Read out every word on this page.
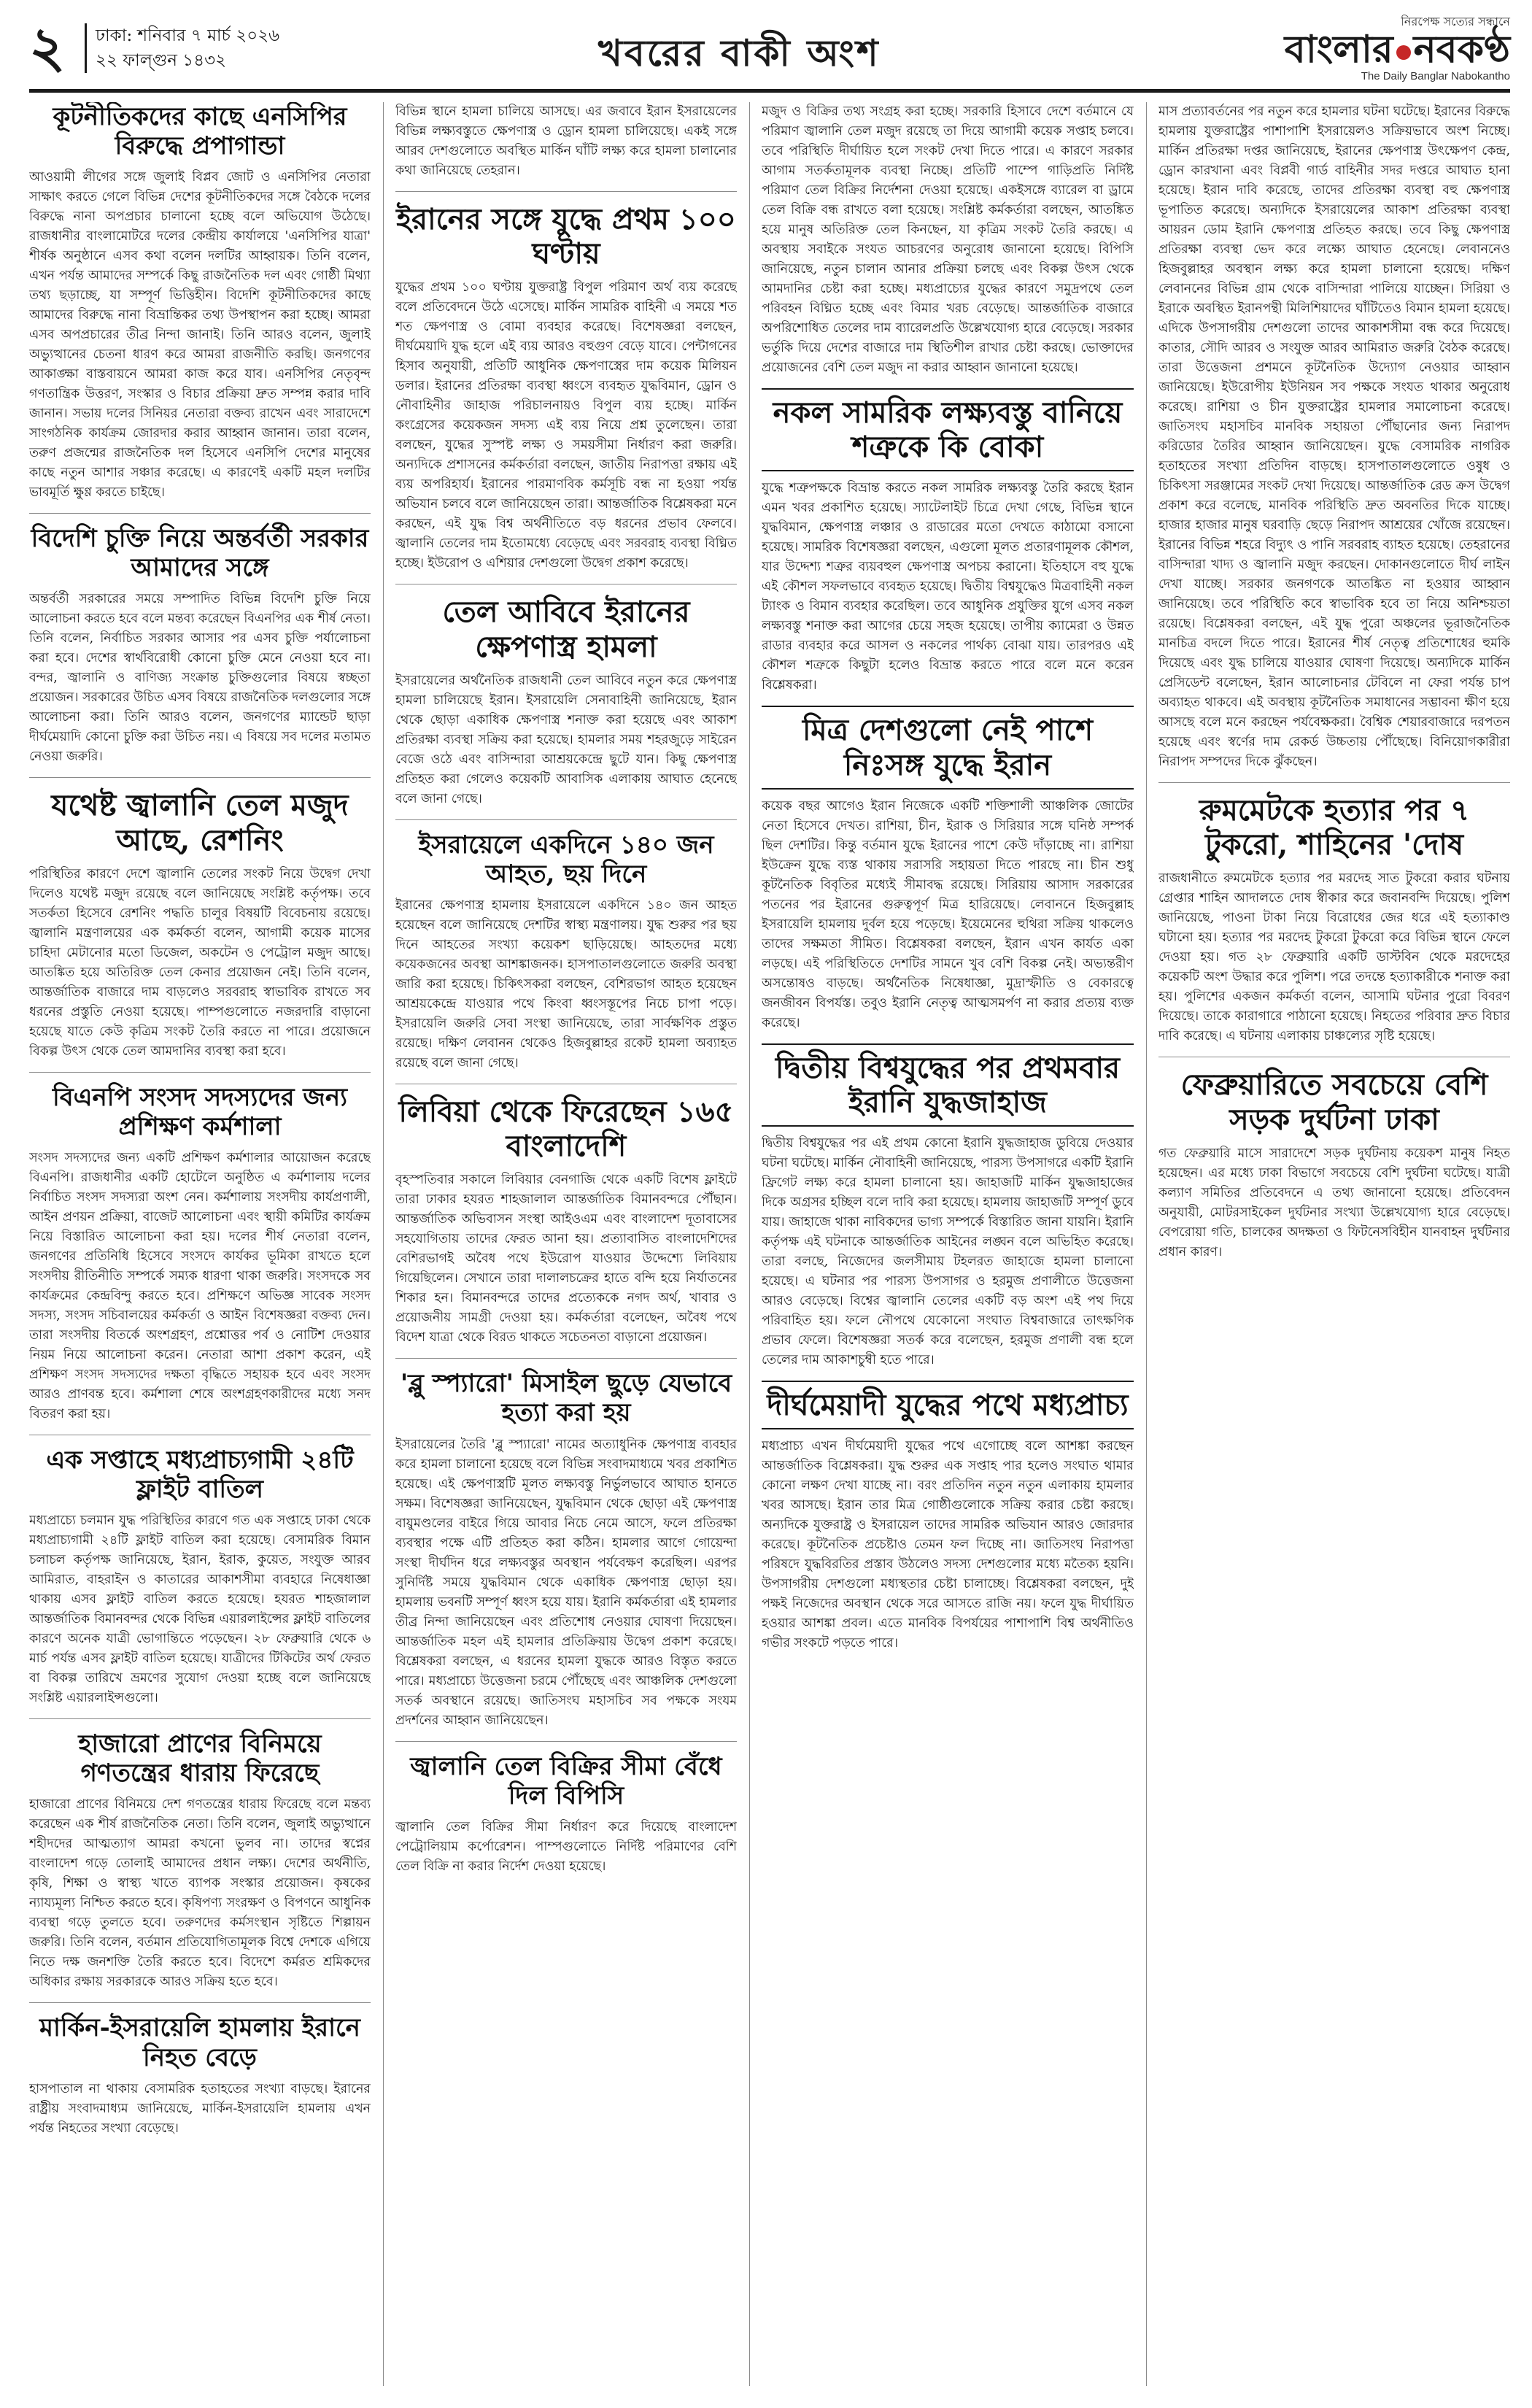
২ ঢাকা: শনিবার ৭ মার্চ ২০২৬
২২ ফাল্গুন ১৪৩২	খবরের বাকী অংশ
নিরপেক্ষ সত্যের সন্ধানে
বাংলার নবকণ্ঠ
The Daily Banglar Nabokantho
কূটনীতিকদের কাছে এনসিপির বিরুদ্ধে প্রপাগান্ডা
আওয়ামী লীগের সঙ্গে জুলাই বিপ্লব জোট ও এনসিপির নেতারা সাক্ষাৎ করতে গেলে বিভিন্ন দেশের কূটনীতিকদের সঙ্গে বৈঠকে দলের বিরুদ্ধে নানা অপপ্রচার চালানো হচ্ছে বলে অভিযোগ উঠেছে। রাজধানীর বাংলামোটরে দলের কেন্দ্রীয় কার্যালয়ে 'এনসিপির যাত্রা' শীর্ষক অনুষ্ঠানে এসব কথা বলেন দলটির আহ্বায়ক। তিনি বলেন, এখন পর্যন্ত আমাদের সম্পর্কে কিছু রাজনৈতিক দল এবং গোষ্ঠী মিথ্যা তথ্য ছড়াচ্ছে, যা সম্পূর্ণ ভিত্তিহীন। বিদেশি কূটনীতিকদের কাছে আমাদের বিরুদ্ধে নানা বিভ্রান্তিকর তথ্য উপস্থাপন করা হচ্ছে। আমরা এসব অপপ্রচারের তীব্র নিন্দা জানাই। তিনি আরও বলেন, জুলাই অভ্যুত্থানের চেতনা ধারণ করে আমরা রাজনীতি করছি। জনগণের আকাঙ্ক্ষা বাস্তবায়নে আমরা কাজ করে যাব। এনসিপির নেতৃবৃন্দ গণতান্ত্রিক উত্তরণ, সংস্কার ও বিচার প্রক্রিয়া দ্রুত সম্পন্ন করার দাবি জানান। সভায় দলের সিনিয়র নেতারা বক্তব্য রাখেন এবং সারাদেশে সাংগঠনিক কার্যক্রম জোরদার করার আহ্বান জানান। তারা বলেন, তরুণ প্রজন্মের রাজনৈতিক দল হিসেবে এনসিপি দেশের মানুষের কাছে নতুন আশার সঞ্চার করেছে। এ কারণেই একটি মহল দলটির ভাবমূর্তি ক্ষুণ্ণ করতে চাইছে।
বিদেশি চুক্তি নিয়ে অন্তর্বর্তী সরকার আমাদের সঙ্গে
অন্তর্বর্তী সরকারের সময়ে সম্পাদিত বিভিন্ন বিদেশি চুক্তি নিয়ে আলোচনা করতে হবে বলে মন্তব্য করেছেন বিএনপির এক শীর্ষ নেতা। তিনি বলেন, নির্বাচিত সরকার আসার পর এসব চুক্তি পর্যালোচনা করা হবে। দেশের স্বার্থবিরোধী কোনো চুক্তি মেনে নেওয়া হবে না। বন্দর, জ্বালানি ও বাণিজ্য সংক্রান্ত চুক্তিগুলোর বিষয়ে স্বচ্ছতা প্রয়োজন। সরকারের উচিত এসব বিষয়ে রাজনৈতিক দলগুলোর সঙ্গে আলোচনা করা। তিনি আরও বলেন, জনগণের ম্যান্ডেট ছাড়া দীর্ঘমেয়াদি কোনো চুক্তি করা উচিত নয়। এ বিষয়ে সব দলের মতামত নেওয়া জরুরি।
যথেষ্ট জ্বালানি তেল মজুদ আছে, রেশনিং
পরিস্থিতির কারণে দেশে জ্বালানি তেলের সংকট নিয়ে উদ্বেগ দেখা দিলেও যথেষ্ট মজুদ রয়েছে বলে জানিয়েছে সংশ্লিষ্ট কর্তৃপক্ষ। তবে সতর্কতা হিসেবে রেশনিং পদ্ধতি চালুর বিষয়টি বিবেচনায় রয়েছে। জ্বালানি মন্ত্রণালয়ের এক কর্মকর্তা বলেন, আগামী কয়েক মাসের চাহিদা মেটানোর মতো ডিজেল, অকটেন ও পেট্রোল মজুদ আছে। আতঙ্কিত হয়ে অতিরিক্ত তেল কেনার প্রয়োজন নেই। তিনি বলেন, আন্তর্জাতিক বাজারে দাম বাড়লেও সরবরাহ স্বাভাবিক রাখতে সব ধরনের প্রস্তুতি নেওয়া হয়েছে। পাম্পগুলোতে নজরদারি বাড়ানো হয়েছে যাতে কেউ কৃত্রিম সংকট তৈরি করতে না পারে। প্রয়োজনে বিকল্প উৎস থেকে তেল আমদানির ব্যবস্থা করা হবে।
বিএনপি সংসদ সদস্যদের জন্য প্রশিক্ষণ কর্মশালা
সংসদ সদস্যদের জন্য একটি প্রশিক্ষণ কর্মশালার আয়োজন করেছে বিএনপি। রাজধানীর একটি হোটেলে অনুষ্ঠিত এ কর্মশালায় দলের নির্বাচিত সংসদ সদস্যরা অংশ নেন। কর্মশালায় সংসদীয় কার্যপ্রণালী, আইন প্রণয়ন প্রক্রিয়া, বাজেট আলোচনা এবং স্থায়ী কমিটির কার্যক্রম নিয়ে বিস্তারিত আলোচনা করা হয়। দলের শীর্ষ নেতারা বলেন, জনগণের প্রতিনিধি হিসেবে সংসদে কার্যকর ভূমিকা রাখতে হলে সংসদীয় রীতিনীতি সম্পর্কে সম্যক ধারণা থাকা জরুরি। সংসদকে সব কার্যক্রমের কেন্দ্রবিন্দু করতে হবে। প্রশিক্ষণে অভিজ্ঞ সাবেক সংসদ সদস্য, সংসদ সচিবালয়ের কর্মকর্তা ও আইন বিশেষজ্ঞরা বক্তব্য দেন। তারা সংসদীয় বিতর্কে অংশগ্রহণ, প্রশ্নোত্তর পর্ব ও নোটিশ দেওয়ার নিয়ম নিয়ে আলোচনা করেন। নেতারা আশা প্রকাশ করেন, এই প্রশিক্ষণ সংসদ সদস্যদের দক্ষতা বৃদ্ধিতে সহায়ক হবে এবং সংসদ আরও প্রাণবন্ত হবে। কর্মশালা শেষে অংশগ্রহণকারীদের মধ্যে সনদ বিতরণ করা হয়।
এক সপ্তাহে মধ্যপ্রাচ্যগামী ২৪টি ফ্লাইট বাতিল
মধ্যপ্রাচ্যে চলমান যুদ্ধ পরিস্থিতির কারণে গত এক সপ্তাহে ঢাকা থেকে মধ্যপ্রাচ্যগামী ২৪টি ফ্লাইট বাতিল করা হয়েছে। বেসামরিক বিমান চলাচল কর্তৃপক্ষ জানিয়েছে, ইরান, ইরাক, কুয়েত, সংযুক্ত আরব আমিরাত, বাহরাইন ও কাতারের আকাশসীমা ব্যবহারে নিষেধাজ্ঞা থাকায় এসব ফ্লাইট বাতিল করতে হয়েছে। হযরত শাহজালাল আন্তর্জাতিক বিমানবন্দর থেকে বিভিন্ন এয়ারলাইন্সের ফ্লাইট বাতিলের কারণে অনেক যাত্রী ভোগান্তিতে পড়েছেন। ২৮ ফেব্রুয়ারি থেকে ৬ মার্চ পর্যন্ত এসব ফ্লাইট বাতিল হয়েছে। যাত্রীদের টিকিটের অর্থ ফেরত বা বিকল্প তারিখে ভ্রমণের সুযোগ দেওয়া হচ্ছে বলে জানিয়েছে সংশ্লিষ্ট এয়ারলাইন্সগুলো।
হাজারো প্রাণের বিনিময়ে গণতন্ত্রের ধারায় ফিরেছে
হাজারো প্রাণের বিনিময়ে দেশ গণতন্ত্রের ধারায় ফিরেছে বলে মন্তব্য করেছেন এক শীর্ষ রাজনৈতিক নেতা। তিনি বলেন, জুলাই অভ্যুত্থানে শহীদদের আত্মত্যাগ আমরা কখনো ভুলব না। তাদের স্বপ্নের বাংলাদেশ গড়ে তোলাই আমাদের প্রধান লক্ষ্য। দেশের অর্থনীতি, কৃষি, শিক্ষা ও স্বাস্থ্য খাতে ব্যাপক সংস্কার প্রয়োজন। কৃষকের ন্যায্যমূল্য নিশ্চিত করতে হবে। কৃষিপণ্য সংরক্ষণ ও বিপণনে আধুনিক ব্যবস্থা গড়ে তুলতে হবে। তরুণদের কর্মসংস্থান সৃষ্টিতে শিল্পায়ন জরুরি। তিনি বলেন, বর্তমান প্রতিযোগিতামূলক বিশ্বে দেশকে এগিয়ে নিতে দক্ষ জনশক্তি তৈরি করতে হবে। বিদেশে কর্মরত শ্রমিকদের অধিকার রক্ষায় সরকারকে আরও সক্রিয় হতে হবে।
মার্কিন-ইসরায়েলি হামলায় ইরানে নিহত বেড়ে
হাসপাতাল না থাকায় বেসামরিক হতাহতের সংখ্যা বাড়ছে। ইরানের রাষ্ট্রীয় সংবাদমাধ্যম জানিয়েছে, মার্কিন-ইসরায়েলি হামলায় এখন পর্যন্ত নিহতের সংখ্যা বেড়েছে।
বিভিন্ন স্থানে হামলা চালিয়ে আসছে। এর জবাবে ইরান ইসরায়েলের বিভিন্ন লক্ষ্যবস্তুতে ক্ষেপণাস্ত্র ও ড্রোন হামলা চালিয়েছে। একই সঙ্গে আরব দেশগুলোতে অবস্থিত মার্কিন ঘাঁটি লক্ষ্য করে হামলা চালানোর কথা জানিয়েছে তেহরান।
ইরানের সঙ্গে যুদ্ধে প্রথম ১০০ ঘণ্টায়
যুদ্ধের প্রথম ১০০ ঘণ্টায় যুক্তরাষ্ট্র বিপুল পরিমাণ অর্থ ব্যয় করেছে বলে প্রতিবেদনে উঠে এসেছে। মার্কিন সামরিক বাহিনী এ সময়ে শত শত ক্ষেপণাস্ত্র ও বোমা ব্যবহার করেছে। বিশেষজ্ঞরা বলছেন, দীর্ঘমেয়াদি যুদ্ধ হলে এই ব্যয় আরও বহুগুণ বেড়ে যাবে। পেন্টাগনের হিসাব অনুযায়ী, প্রতিটি আধুনিক ক্ষেপণাস্ত্রের দাম কয়েক মিলিয়ন ডলার। ইরানের প্রতিরক্ষা ব্যবস্থা ধ্বংসে ব্যবহৃত যুদ্ধবিমান, ড্রোন ও নৌবাহিনীর জাহাজ পরিচালনায়ও বিপুল ব্যয় হচ্ছে। মার্কিন কংগ্রেসের কয়েকজন সদস্য এই ব্যয় নিয়ে প্রশ্ন তুলেছেন। তারা বলছেন, যুদ্ধের সুস্পষ্ট লক্ষ্য ও সময়সীমা নির্ধারণ করা জরুরি। অন্যদিকে প্রশাসনের কর্মকর্তারা বলছেন, জাতীয় নিরাপত্তা রক্ষায় এই ব্যয় অপরিহার্য। ইরানের পারমাণবিক কর্মসূচি বন্ধ না হওয়া পর্যন্ত অভিযান চলবে বলে জানিয়েছেন তারা। আন্তর্জাতিক বিশ্লেষকরা মনে করছেন, এই যুদ্ধ বিশ্ব অর্থনীতিতে বড় ধরনের প্রভাব ফেলবে। জ্বালানি তেলের দাম ইতোমধ্যে বেড়েছে এবং সরবরাহ ব্যবস্থা বিঘ্নিত হচ্ছে। ইউরোপ ও এশিয়ার দেশগুলো উদ্বেগ প্রকাশ করেছে।
তেল আবিবে ইরানের ক্ষেপণাস্ত্র হামলা
ইসরায়েলের অর্থনৈতিক রাজধানী তেল আবিবে নতুন করে ক্ষেপণাস্ত্র হামলা চালিয়েছে ইরান। ইসরায়েলি সেনাবাহিনী জানিয়েছে, ইরান থেকে ছোড়া একাধিক ক্ষেপণাস্ত্র শনাক্ত করা হয়েছে এবং আকাশ প্রতিরক্ষা ব্যবস্থা সক্রিয় করা হয়েছে। হামলার সময় শহরজুড়ে সাইরেন বেজে ওঠে এবং বাসিন্দারা আশ্রয়কেন্দ্রে ছুটে যান। কিছু ক্ষেপণাস্ত্র প্রতিহত করা গেলেও কয়েকটি আবাসিক এলাকায় আঘাত হেনেছে বলে জানা গেছে।
ইসরায়েলে একদিনে ১৪০ জন আহত, ছয় দিনে
ইরানের ক্ষেপণাস্ত্র হামলায় ইসরায়েলে একদিনে ১৪০ জন আহত হয়েছেন বলে জানিয়েছে দেশটির স্বাস্থ্য মন্ত্রণালয়। যুদ্ধ শুরুর পর ছয় দিনে আহতের সংখ্যা কয়েকশ ছাড়িয়েছে। আহতদের মধ্যে কয়েকজনের অবস্থা আশঙ্কাজনক। হাসপাতালগুলোতে জরুরি অবস্থা জারি করা হয়েছে। চিকিৎসকরা বলছেন, বেশিরভাগ আহত হয়েছেন আশ্রয়কেন্দ্রে যাওয়ার পথে কিংবা ধ্বংসস্তূপের নিচে চাপা পড়ে। ইসরায়েলি জরুরি সেবা সংস্থা জানিয়েছে, তারা সার্বক্ষণিক প্রস্তুত রয়েছে। দক্ষিণ লেবানন থেকেও হিজবুল্লাহর রকেট হামলা অব্যাহত রয়েছে বলে জানা গেছে।
লিবিয়া থেকে ফিরেছেন ১৬৫ বাংলাদেশি
বৃহস্পতিবার সকালে লিবিয়ার বেনগাজি থেকে একটি বিশেষ ফ্লাইটে তারা ঢাকার হযরত শাহজালাল আন্তর্জাতিক বিমানবন্দরে পৌঁছান। আন্তর্জাতিক অভিবাসন সংস্থা আইওএম এবং বাংলাদেশ দূতাবাসের সহযোগিতায় তাদের ফেরত আনা হয়। প্রত্যাবাসিত বাংলাদেশিদের বেশিরভাগই অবৈধ পথে ইউরোপ যাওয়ার উদ্দেশ্যে লিবিয়ায় গিয়েছিলেন। সেখানে তারা দালালচক্রের হাতে বন্দি হয়ে নির্যাতনের শিকার হন। বিমানবন্দরে তাদের প্রত্যেককে নগদ অর্থ, খাবার ও প্রয়োজনীয় সামগ্রী দেওয়া হয়। কর্মকর্তারা বলেছেন, অবৈধ পথে বিদেশ যাত্রা থেকে বিরত থাকতে সচেতনতা বাড়ানো প্রয়োজন।
'ব্লু স্প্যারো' মিসাইল ছুড়ে যেভাবে হত্যা করা হয়
ইসরায়েলের তৈরি 'ব্লু স্প্যারো' নামের অত্যাধুনিক ক্ষেপণাস্ত্র ব্যবহার করে হামলা চালানো হয়েছে বলে বিভিন্ন সংবাদমাধ্যমে খবর প্রকাশিত হয়েছে। এই ক্ষেপণাস্ত্রটি মূলত লক্ষ্যবস্তু নির্ভুলভাবে আঘাত হানতে সক্ষম। বিশেষজ্ঞরা জানিয়েছেন, যুদ্ধবিমান থেকে ছোড়া এই ক্ষেপণাস্ত্র বায়ুমণ্ডলের বাইরে গিয়ে আবার নিচে নেমে আসে, ফলে প্রতিরক্ষা ব্যবস্থার পক্ষে এটি প্রতিহত করা কঠিন। হামলার আগে গোয়েন্দা সংস্থা দীর্ঘদিন ধরে লক্ষ্যবস্তুর অবস্থান পর্যবেক্ষণ করেছিল। এরপর সুনির্দিষ্ট সময়ে যুদ্ধবিমান থেকে একাধিক ক্ষেপণাস্ত্র ছোড়া হয়। হামলায় ভবনটি সম্পূর্ণ ধ্বংস হয়ে যায়। ইরানি কর্মকর্তারা এই হামলার তীব্র নিন্দা জানিয়েছেন এবং প্রতিশোধ নেওয়ার ঘোষণা দিয়েছেন। আন্তর্জাতিক মহল এই হামলার প্রতিক্রিয়ায় উদ্বেগ প্রকাশ করেছে। বিশ্লেষকরা বলছেন, এ ধরনের হামলা যুদ্ধকে আরও বিস্তৃত করতে পারে। মধ্যপ্রাচ্যে উত্তেজনা চরমে পৌঁছেছে এবং আঞ্চলিক দেশগুলো সতর্ক অবস্থানে রয়েছে। জাতিসংঘ মহাসচিব সব পক্ষকে সংযম প্রদর্শনের আহ্বান জানিয়েছেন।
জ্বালানি তেল বিক্রির সীমা বেঁধে দিল বিপিসি
জ্বালানি তেল বিক্রির সীমা নির্ধারণ করে দিয়েছে বাংলাদেশ পেট্রোলিয়াম কর্পোরেশন। পাম্পগুলোতে নির্দিষ্ট পরিমাণের বেশি তেল বিক্রি না করার নির্দেশ দেওয়া হয়েছে।
মজুদ ও বিক্রির তথ্য সংগ্রহ করা হচ্ছে। সরকারি হিসাবে দেশে বর্তমানে যে পরিমাণ জ্বালানি তেল মজুদ রয়েছে তা দিয়ে আগামী কয়েক সপ্তাহ চলবে। তবে পরিস্থিতি দীর্ঘায়িত হলে সংকট দেখা দিতে পারে। এ কারণে সরকার আগাম সতর্কতামূলক ব্যবস্থা নিচ্ছে। প্রতিটি পাম্পে গাড়িপ্রতি নির্দিষ্ট পরিমাণ তেল বিক্রির নির্দেশনা দেওয়া হয়েছে। একইসঙ্গে ব্যারেল বা ড্রামে তেল বিক্রি বন্ধ রাখতে বলা হয়েছে। সংশ্লিষ্ট কর্মকর্তারা বলছেন, আতঙ্কিত হয়ে মানুষ অতিরিক্ত তেল কিনছেন, যা কৃত্রিম সংকট তৈরি করছে। এ অবস্থায় সবাইকে সংযত আচরণের অনুরোধ জানানো হয়েছে। বিপিসি জানিয়েছে, নতুন চালান আনার প্রক্রিয়া চলছে এবং বিকল্প উৎস থেকে আমদানির চেষ্টা করা হচ্ছে। মধ্যপ্রাচ্যের যুদ্ধের কারণে সমুদ্রপথে তেল পরিবহন বিঘ্নিত হচ্ছে এবং বিমার খরচ বেড়েছে। আন্তর্জাতিক বাজারে অপরিশোধিত তেলের দাম ব্যারেলপ্রতি উল্লেখযোগ্য হারে বেড়েছে। সরকার ভর্তুকি দিয়ে দেশের বাজারে দাম স্থিতিশীল রাখার চেষ্টা করছে। ভোক্তাদের প্রয়োজনের বেশি তেল মজুদ না করার আহ্বান জানানো হয়েছে।
নকল সামরিক লক্ষ্যবস্তু বানিয়ে শত্রুকে কি বোকা
যুদ্ধে শত্রুপক্ষকে বিভ্রান্ত করতে নকল সামরিক লক্ষ্যবস্তু তৈরি করছে ইরান এমন খবর প্রকাশিত হয়েছে। স্যাটেলাইট চিত্রে দেখা গেছে, বিভিন্ন স্থানে যুদ্ধবিমান, ক্ষেপণাস্ত্র লঞ্চার ও রাডারের মতো দেখতে কাঠামো বসানো হয়েছে। সামরিক বিশেষজ্ঞরা বলছেন, এগুলো মূলত প্রতারণামূলক কৌশল, যার উদ্দেশ্য শত্রুর ব্যয়বহুল ক্ষেপণাস্ত্র অপচয় করানো। ইতিহাসে বহু যুদ্ধে এই কৌশল সফলভাবে ব্যবহৃত হয়েছে। দ্বিতীয় বিশ্বযুদ্ধেও মিত্রবাহিনী নকল ট্যাংক ও বিমান ব্যবহার করেছিল। তবে আধুনিক প্রযুক্তির যুগে এসব নকল লক্ষ্যবস্তু শনাক্ত করা আগের চেয়ে সহজ হয়েছে। তাপীয় ক্যামেরা ও উন্নত রাডার ব্যবহার করে আসল ও নকলের পার্থক্য বোঝা যায়। তারপরও এই কৌশল শত্রুকে কিছুটা হলেও বিভ্রান্ত করতে পারে বলে মনে করেন বিশ্লেষকরা।
মিত্র দেশগুলো নেই পাশে নিঃসঙ্গ যুদ্ধে ইরান
কয়েক বছর আগেও ইরান নিজেকে একটি শক্তিশালী আঞ্চলিক জোটের নেতা হিসেবে দেখত। রাশিয়া, চীন, ইরাক ও সিরিয়ার সঙ্গে ঘনিষ্ঠ সম্পর্ক ছিল দেশটির। কিন্তু বর্তমান যুদ্ধে ইরানের পাশে কেউ দাঁড়াচ্ছে না। রাশিয়া ইউক্রেন যুদ্ধে ব্যস্ত থাকায় সরাসরি সহায়তা দিতে পারছে না। চীন শুধু কূটনৈতিক বিবৃতির মধ্যেই সীমাবদ্ধ রয়েছে। সিরিয়ায় আসাদ সরকারের পতনের পর ইরানের গুরুত্বপূর্ণ মিত্র হারিয়েছে। লেবাননে হিজবুল্লাহ ইসরায়েলি হামলায় দুর্বল হয়ে পড়েছে। ইয়েমেনের হুথিরা সক্রিয় থাকলেও তাদের সক্ষমতা সীমিত। বিশ্লেষকরা বলছেন, ইরান এখন কার্যত একা লড়ছে। এই পরিস্থিতিতে দেশটির সামনে খুব বেশি বিকল্প নেই। অভ্যন্তরীণ অসন্তোষও বাড়ছে। অর্থনৈতিক নিষেধাজ্ঞা, মুদ্রাস্ফীতি ও বেকারত্বে জনজীবন বিপর্যস্ত। তবুও ইরানি নেতৃত্ব আত্মসমর্পণ না করার প্রত্যয় ব্যক্ত করেছে।
দ্বিতীয় বিশ্বযুদ্ধের পর প্রথমবার ইরানি যুদ্ধজাহাজ
দ্বিতীয় বিশ্বযুদ্ধের পর এই প্রথম কোনো ইরানি যুদ্ধজাহাজ ডুবিয়ে দেওয়ার ঘটনা ঘটেছে। মার্কিন নৌবাহিনী জানিয়েছে, পারস্য উপসাগরে একটি ইরানি ফ্রিগেট লক্ষ্য করে হামলা চালানো হয়। জাহাজটি মার্কিন যুদ্ধজাহাজের দিকে অগ্রসর হচ্ছিল বলে দাবি করা হয়েছে। হামলায় জাহাজটি সম্পূর্ণ ডুবে যায়। জাহাজে থাকা নাবিকদের ভাগ্য সম্পর্কে বিস্তারিত জানা যায়নি। ইরানি কর্তৃপক্ষ এই ঘটনাকে আন্তর্জাতিক আইনের লঙ্ঘন বলে অভিহিত করেছে। তারা বলছে, নিজেদের জলসীমায় টহলরত জাহাজে হামলা চালানো হয়েছে। এ ঘটনার পর পারস্য উপসাগর ও হরমুজ প্রণালীতে উত্তেজনা আরও বেড়েছে। বিশ্বের জ্বালানি তেলের একটি বড় অংশ এই পথ দিয়ে পরিবাহিত হয়। ফলে নৌপথে যেকোনো সংঘাত বিশ্ববাজারে তাৎক্ষণিক প্রভাব ফেলে। বিশেষজ্ঞরা সতর্ক করে বলেছেন, হরমুজ প্রণালী বন্ধ হলে তেলের দাম আকাশচুম্বী হতে পারে।
দীর্ঘমেয়াদী যুদ্ধের পথে মধ্যপ্রাচ্য
মধ্যপ্রাচ্য এখন দীর্ঘমেয়াদী যুদ্ধের পথে এগোচ্ছে বলে আশঙ্কা করছেন আন্তর্জাতিক বিশ্লেষকরা। যুদ্ধ শুরুর এক সপ্তাহ পার হলেও সংঘাত থামার কোনো লক্ষণ দেখা যাচ্ছে না। বরং প্রতিদিন নতুন নতুন এলাকায় হামলার খবর আসছে। ইরান তার মিত্র গোষ্ঠীগুলোকে সক্রিয় করার চেষ্টা করছে। অন্যদিকে যুক্তরাষ্ট্র ও ইসরায়েল তাদের সামরিক অভিযান আরও জোরদার করেছে। কূটনৈতিক প্রচেষ্টাও তেমন ফল দিচ্ছে না। জাতিসংঘ নিরাপত্তা পরিষদে যুদ্ধবিরতির প্রস্তাব উঠলেও সদস্য দেশগুলোর মধ্যে মতৈক্য হয়নি। উপসাগরীয় দেশগুলো মধ্যস্থতার চেষ্টা চালাচ্ছে। বিশ্লেষকরা বলছেন, দুই পক্ষই নিজেদের অবস্থান থেকে সরে আসতে রাজি নয়। ফলে যুদ্ধ দীর্ঘায়িত হওয়ার আশঙ্কা প্রবল। এতে মানবিক বিপর্যয়ের পাশাপাশি বিশ্ব অর্থনীতিও গভীর সংকটে পড়তে পারে।
মাস প্রত্যাবর্তনের পর নতুন করে হামলার ঘটনা ঘটেছে। ইরানের বিরুদ্ধে হামলায় যুক্তরাষ্ট্রের পাশাপাশি ইসরায়েলও সক্রিয়ভাবে অংশ নিচ্ছে। মার্কিন প্রতিরক্ষা দপ্তর জানিয়েছে, ইরানের ক্ষেপণাস্ত্র উৎক্ষেপণ কেন্দ্র, ড্রোন কারখানা এবং বিপ্লবী গার্ড বাহিনীর সদর দপ্তরে আঘাত হানা হয়েছে। ইরান দাবি করেছে, তাদের প্রতিরক্ষা ব্যবস্থা বহু ক্ষেপণাস্ত্র ভূপাতিত করেছে। অন্যদিকে ইসরায়েলের আকাশ প্রতিরক্ষা ব্যবস্থা আয়রন ডোম ইরানি ক্ষেপণাস্ত্র প্রতিহত করছে। তবে কিছু ক্ষেপণাস্ত্র প্রতিরক্ষা ব্যবস্থা ভেদ করে লক্ষ্যে আঘাত হেনেছে। লেবাননেও হিজবুল্লাহর অবস্থান লক্ষ্য করে হামলা চালানো হয়েছে। দক্ষিণ লেবাননের বিভিন্ন গ্রাম থেকে বাসিন্দারা পালিয়ে যাচ্ছেন। সিরিয়া ও ইরাকে অবস্থিত ইরানপন্থী মিলিশিয়াদের ঘাঁটিতেও বিমান হামলা হয়েছে। এদিকে উপসাগরীয় দেশগুলো তাদের আকাশসীমা বন্ধ করে দিয়েছে। কাতার, সৌদি আরব ও সংযুক্ত আরব আমিরাত জরুরি বৈঠক করেছে। তারা উত্তেজনা প্রশমনে কূটনৈতিক উদ্যোগ নেওয়ার আহ্বান জানিয়েছে। ইউরোপীয় ইউনিয়ন সব পক্ষকে সংযত থাকার অনুরোধ করেছে। রাশিয়া ও চীন যুক্তরাষ্ট্রের হামলার সমালোচনা করেছে। জাতিসংঘ মহাসচিব মানবিক সহায়তা পৌঁছানোর জন্য নিরাপদ করিডোর তৈরির আহ্বান জানিয়েছেন। যুদ্ধে বেসামরিক নাগরিক হতাহতের সংখ্যা প্রতিদিন বাড়ছে। হাসপাতালগুলোতে ওষুধ ও চিকিৎসা সরঞ্জামের সংকট দেখা দিয়েছে। আন্তর্জাতিক রেড ক্রস উদ্বেগ প্রকাশ করে বলেছে, মানবিক পরিস্থিতি দ্রুত অবনতির দিকে যাচ্ছে। হাজার হাজার মানুষ ঘরবাড়ি ছেড়ে নিরাপদ আশ্রয়ের খোঁজে রয়েছেন। ইরানের বিভিন্ন শহরে বিদ্যুৎ ও পানি সরবরাহ ব্যাহত হয়েছে। তেহরানের বাসিন্দারা খাদ্য ও জ্বালানি মজুদ করছেন। দোকানগুলোতে দীর্ঘ লাইন দেখা যাচ্ছে। সরকার জনগণকে আতঙ্কিত না হওয়ার আহ্বান জানিয়েছে। তবে পরিস্থিতি কবে স্বাভাবিক হবে তা নিয়ে অনিশ্চয়তা রয়েছে। বিশ্লেষকরা বলছেন, এই যুদ্ধ পুরো অঞ্চলের ভূরাজনৈতিক মানচিত্র বদলে দিতে পারে। ইরানের শীর্ষ নেতৃত্ব প্রতিশোধের হুমকি দিয়েছে এবং যুদ্ধ চালিয়ে যাওয়ার ঘোষণা দিয়েছে। অন্যদিকে মার্কিন প্রেসিডেন্ট বলেছেন, ইরান আলোচনার টেবিলে না ফেরা পর্যন্ত চাপ অব্যাহত থাকবে। এই অবস্থায় কূটনৈতিক সমাধানের সম্ভাবনা ক্ষীণ হয়ে আসছে বলে মনে করছেন পর্যবেক্ষকরা। বৈশ্বিক শেয়ারবাজারে দরপতন হয়েছে এবং স্বর্ণের দাম রেকর্ড উচ্চতায় পৌঁছেছে। বিনিয়োগকারীরা নিরাপদ সম্পদের দিকে ঝুঁকছেন।
রুমমেটকে হত্যার পর ৭ টুকরো, শাহিনের 'দোষ
রাজধানীতে রুমমেটকে হত্যার পর মরদেহ সাত টুকরো করার ঘটনায় গ্রেপ্তার শাহিন আদালতে দোষ স্বীকার করে জবানবন্দি দিয়েছে। পুলিশ জানিয়েছে, পাওনা টাকা নিয়ে বিরোধের জের ধরে এই হত্যাকাণ্ড ঘটানো হয়। হত্যার পর মরদেহ টুকরো টুকরো করে বিভিন্ন স্থানে ফেলে দেওয়া হয়। গত ২৮ ফেব্রুয়ারি একটি ডাস্টবিন থেকে মরদেহের কয়েকটি অংশ উদ্ধার করে পুলিশ। পরে তদন্তে হত্যাকারীকে শনাক্ত করা হয়। পুলিশের একজন কর্মকর্তা বলেন, আসামি ঘটনার পুরো বিবরণ দিয়েছে। তাকে কারাগারে পাঠানো হয়েছে। নিহতের পরিবার দ্রুত বিচার দাবি করেছে। এ ঘটনায় এলাকায় চাঞ্চল্যের সৃষ্টি হয়েছে।
ফেব্রুয়ারিতে সবচেয়ে বেশি সড়ক দুর্ঘটনা ঢাকা
গত ফেব্রুয়ারি মাসে সারাদেশে সড়ক দুর্ঘটনায় কয়েকশ মানুষ নিহত হয়েছেন। এর মধ্যে ঢাকা বিভাগে সবচেয়ে বেশি দুর্ঘটনা ঘটেছে। যাত্রী কল্যাণ সমিতির প্রতিবেদনে এ তথ্য জানানো হয়েছে। প্রতিবেদন অনুযায়ী, মোটরসাইকেল দুর্ঘটনার সংখ্যা উল্লেখযোগ্য হারে বেড়েছে। বেপরোয়া গতি, চালকের অদক্ষতা ও ফিটনেসবিহীন যানবাহন দুর্ঘটনার প্রধান কারণ।
